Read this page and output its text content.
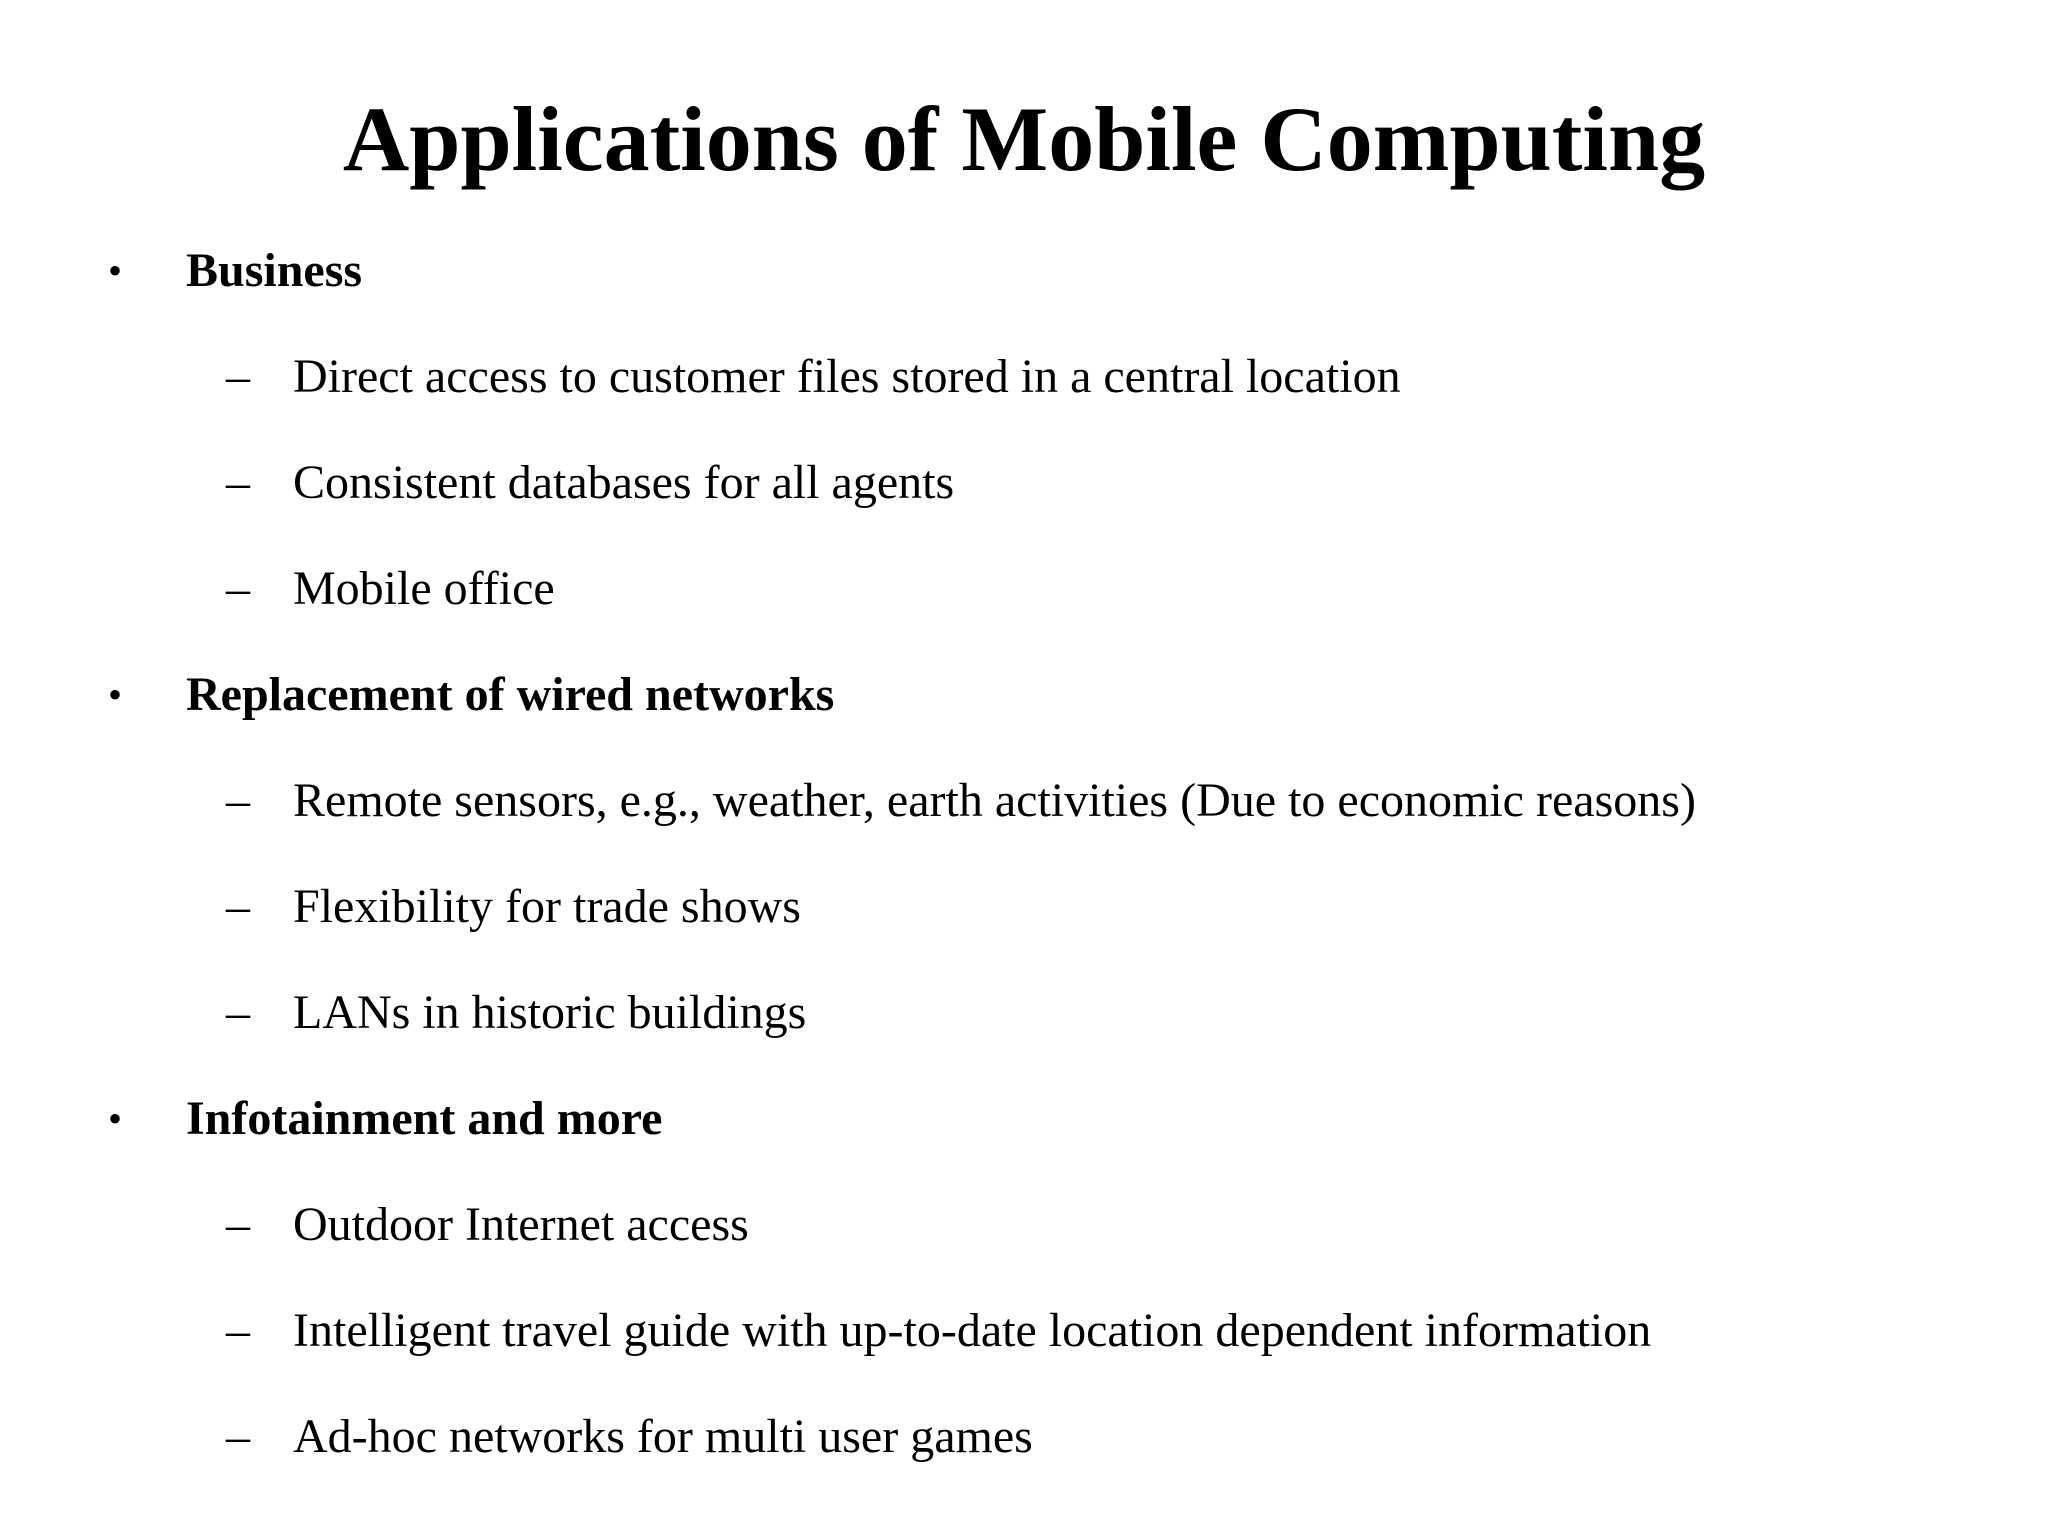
Applications of Mobile Computing
• Business
– Direct access to customer files stored in a central location
– Consistent databases for all agents
– Mobile office
• Replacement of wired networks
– Remote sensors, e.g., weather, earth activities (Due to economic reasons)
– Flexibility for trade shows
– LANs in historic buildings
• Infotainment and more
– Outdoor Internet access
– Intelligent travel guide with up-to-date location dependent information
– Ad-hoc networks for multi user games
